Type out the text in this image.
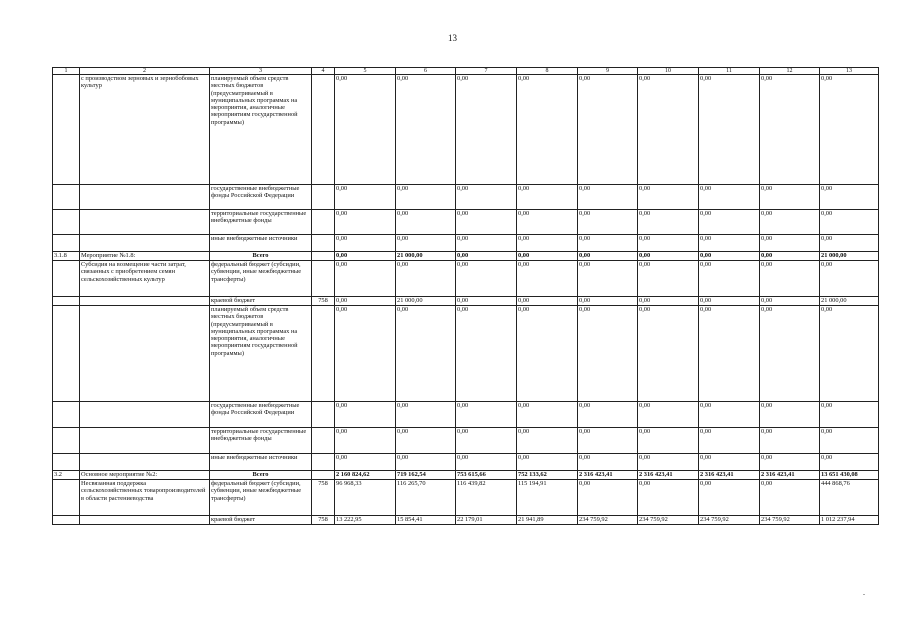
13
1	2	3	4	5	6	7	8	9	10	11	12	13
	с производством зерновых и зернобобовых культур	планируемый объем средств местных бюджетов (предусматриваемый в муниципальных программах на мероприятия, аналогичные мероприятиям государственной программы)		0,00	0,00	0,00	0,00	0,00	0,00	0,00	0,00	0,00
		государственные внебюджетные фонды Российской Федерации		0,00	0,00	0,00	0,00	0,00	0,00	0,00	0,00	0,00
		территориальные государственные внебюджетные фонды		0,00	0,00	0,00	0,00	0,00	0,00	0,00	0,00	0,00
		иные внебюджетные источники		0,00	0,00	0,00	0,00	0,00	0,00	0,00	0,00	0,00
3.1.8	Мероприятие №1.8:	Всего		0,00	21 000,00	0,00	0,00	0,00	0,00	0,00	0,00	21 000,00
	Субсидия на возмещение части затрат, связанных с приобретением семян сельскохозяйственных культур	федеральный бюджет (субсидии, субвенции, иные межбюджетные трансферты)		0,00	0,00	0,00	0,00	0,00	0,00	0,00	0,00	0,00
		краевой бюджет	758	0,00	21 000,00	0,00	0,00	0,00	0,00	0,00	0,00	21 000,00
		планируемый объем средств местных бюджетов (предусматриваемый в муниципальных программах на мероприятия, аналогичные мероприятиям государственной программы)		0,00	0,00	0,00	0,00	0,00	0,00	0,00	0,00	0,00
		государственные внебюджетные фонды Российской Федерации		0,00	0,00	0,00	0,00	0,00	0,00	0,00	0,00	0,00
		территориальные государственные внебюджетные фонды		0,00	0,00	0,00	0,00	0,00	0,00	0,00	0,00	0,00
		иные внебюджетные источники		0,00	0,00	0,00	0,00	0,00	0,00	0,00	0,00	0,00
3.2	Основное мероприятие №2:	Всего		2 160 824,62	719 162,54	753 615,66	752 133,62	2 316 423,41	2 316 423,41	2 316 423,41	2 316 423,41	13 651 430,08
	Несвязанная поддержка сельскохозяйственных товаропроизводителей в области растениеводства	федеральный бюджет (субсидии, субвенции, иные межбюджетные трансферты)	758	96 968,33	116 265,70	116 439,82	115 194,91	0,00	0,00	0,00	0,00	444 868,76
		краевой бюджет	758	13 222,95	15 854,41	22 179,01	21 941,89	234 759,92	234 759,92	234 759,92	234 759,92	1 012 237,94
